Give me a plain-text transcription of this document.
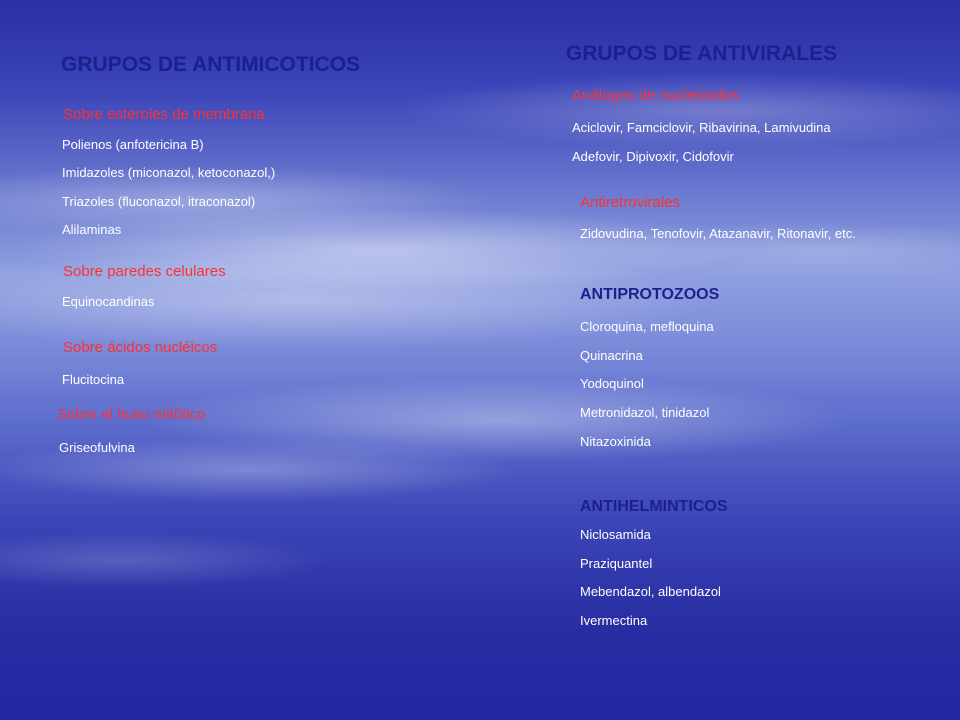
GRUPOS DE ANTIMICOTICOS
Sobre esteroles de membrana
Polienos (anfotericina B)
Imidazoles (miconazol, ketoconazol,)
Triazoles (fluconazol, itraconazol)
Alilaminas
Sobre paredes celulares
Equinocandinas
Sobre ácidos nucléicos
Flucitocina
Sobre el huso mitótico
Griseofulvina
GRUPOS DE ANTIVIRALES
Análogos de nucleósidos
Aciclovir, Famciclovir, Ribavirina, Lamivudina
Adefovir, Dipivoxir, Cidofovir
Antiretrovirales
Zidovudina, Tenofovir, Atazanavir, Ritonavir, etc.
ANTIPROTOZOOS
Cloroquina, mefloquina
Quinacrina
Yodoquinol
Metronidazol, tinidazol
Nitazoxinida
ANTIHELMINTICOS
Niclosamida
Praziquantel
Mebendazol, albendazol
Ivermectina
